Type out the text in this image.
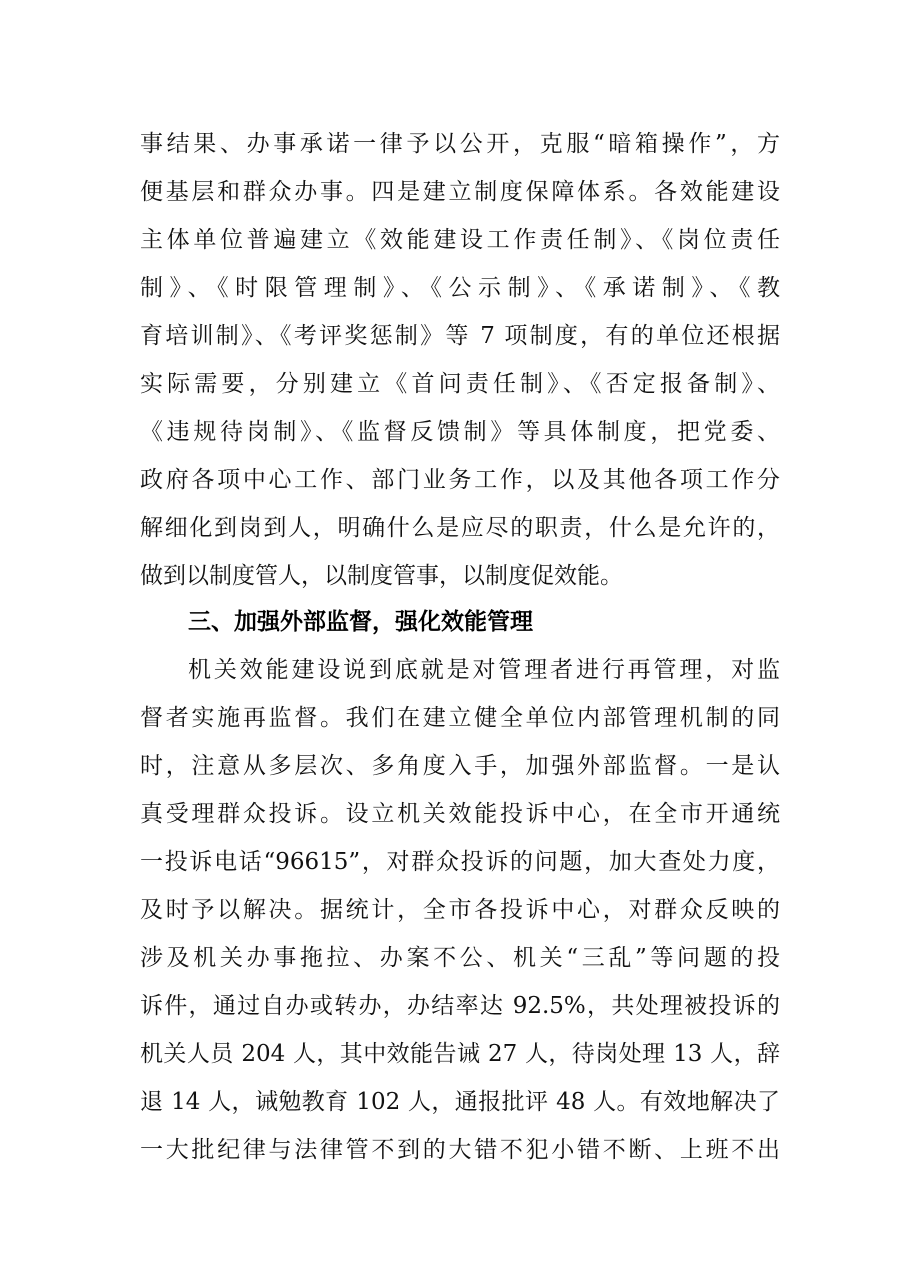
事结果、办事承诺一律予以公开，克服“暗箱操作”，方
便基层和群众办事。四是建立制度保障体系。各效能建设
主体单位普遍建立《效能建设工作责任制》、《岗位责任
制》、《时限管理制》、《公示制》、《承诺制》、《教
育培训制》、《考评奖惩制》等 7 项制度，有的单位还根据
实际需要，分别建立《首问责任制》、《否定报备制》、
《违规待岗制》、《监督反馈制》等具体制度，把党委、
政府各项中心工作、部门业务工作，以及其他各项工作分
解细化到岗到人，明确什么是应尽的职责，什么是允许的，
做到以制度管人，以制度管事，以制度促效能。
三、加强外部监督，强化效能管理
机关效能建设说到底就是对管理者进行再管理，对监
督者实施再监督。我们在建立健全单位内部管理机制的同
时，注意从多层次、多角度入手，加强外部监督。一是认
真受理群众投诉。设立机关效能投诉中心，在全市开通统
一投诉电话“96615”，对群众投诉的问题，加大查处力度，
及时予以解决。据统计，全市各投诉中心，对群众反映的
涉及机关办事拖拉、办案不公、机关“三乱”等问题的投
诉件，通过自办或转办，办结率达 92.5%，共处理被投诉的
机关人员 204 人，其中效能告诫 27 人，待岗处理 13 人，辞
退 14 人，诫勉教育 102 人，通报批评 48 人。有效地解决了
一大批纪律与法律管不到的大错不犯小错不断、上班不出
